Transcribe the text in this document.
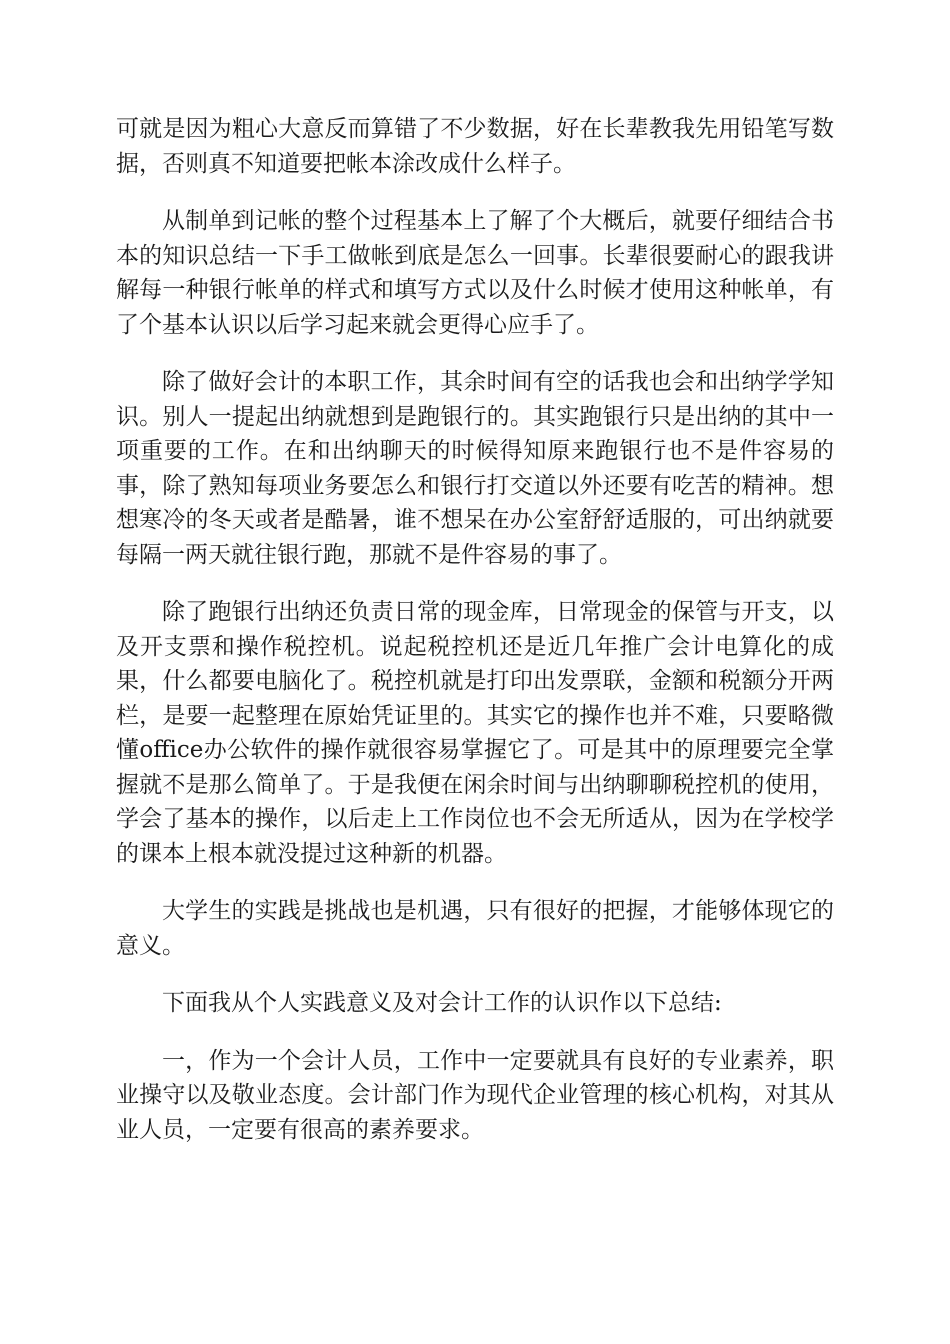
可就是因为粗心大意反而算错了不少数据，好在长辈教我先用铅笔写数据，否则真不知道要把帐本涂改成什么样子。

从制单到记帐的整个过程基本上了解了个大概后，就要仔细结合书本的知识总结一下手工做帐到底是怎么一回事。长辈很要耐心的跟我讲解每一种银行帐单的样式和填写方式以及什么时候才使用这种帐单，有了个基本认识以后学习起来就会更得心应手了。

除了做好会计的本职工作，其余时间有空的话我也会和出纳学学知识。别人一提起出纳就想到是跑银行的。其实跑银行只是出纳的其中一项重要的工作。在和出纳聊天的时候得知原来跑银行也不是件容易的事，除了熟知每项业务要怎么和银行打交道以外还要有吃苦的精神。想想寒冷的冬天或者是酷暑，谁不想呆在办公室舒舒适服的，可出纳就要每隔一两天就往银行跑，那就不是件容易的事了。

除了跑银行出纳还负责日常的现金库，日常现金的保管与开支，以及开支票和操作税控机。说起税控机还是近几年推广会计电算化的成果，什么都要电脑化了。税控机就是打印出发票联，金额和税额分开两栏，是要一起整理在原始凭证里的。其实它的操作也并不难，只要略微懂office办公软件的操作就很容易掌握它了。可是其中的原理要完全掌握就不是那么简单了。于是我便在闲余时间与出纳聊聊税控机的使用，学会了基本的操作，以后走上工作岗位也不会无所适从，因为在学校学的课本上根本就没提过这种新的机器。

大学生的实践是挑战也是机遇，只有很好的把握，才能够体现它的意义。

下面我从个人实践意义及对会计工作的认识作以下总结:

一，作为一个会计人员，工作中一定要就具有良好的专业素养，职业操守以及敬业态度。会计部门作为现代企业管理的核心机构，对其从业人员，一定要有很高的素养要求。
